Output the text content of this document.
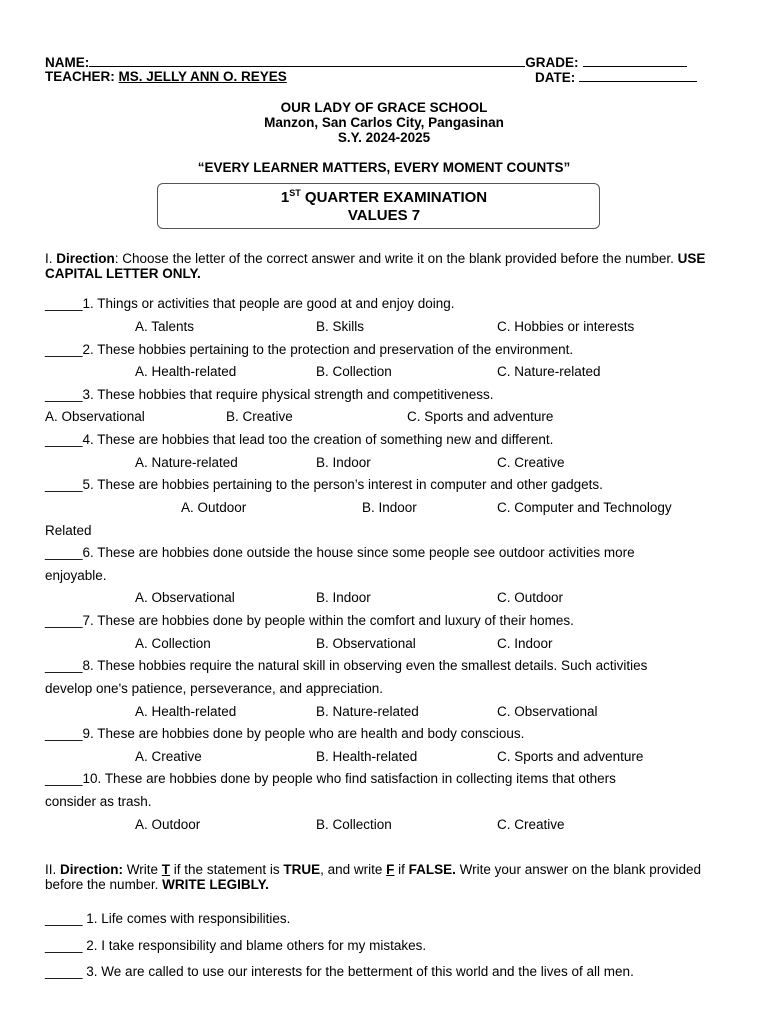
NAME:	GRADE:
TEACHER: MS. JELLY ANN O. REYES	DATE:
OUR LADY OF GRACE SCHOOL
Manzon, San Carlos City, Pangasinan
S.Y. 2024-2025
“EVERY LEARNER MATTERS, EVERY MOMENT COUNTS”
1ST QUARTER EXAMINATION
VALUES 7
I. Direction: Choose the letter of the correct answer and write it on the blank provided before the number. USE CAPITAL LETTER ONLY.
_____1. Things or activities that people are good at and enjoy doing.
A. Talents	B. Skills	C. Hobbies or interests
_____2. These hobbies pertaining to the protection and preservation of the environment.
A. Health-related	B. Collection	C. Nature-related
_____3. These hobbies that require physical strength and competitiveness.
A. Observational	B. Creative	C. Sports and adventure
_____4. These are hobbies that lead too the creation of something new and different.
A. Nature-related	B. Indoor	C. Creative
_____5. These are hobbies pertaining to the person’s interest in computer and other gadgets.
A. Outdoor	B. Indoor	C. Computer and Technology
Related
_____6. These are hobbies done outside the house since some people see outdoor activities more
enjoyable.
A. Observational	B. Indoor	C. Outdoor
_____7. These are hobbies done by people within the comfort and luxury of their homes.
A. Collection	B. Observational	C. Indoor
_____8. These hobbies require the natural skill in observing even the smallest details. Such activities
develop one's patience, perseverance, and appreciation.
A. Health-related	B. Nature-related	C. Observational
_____9. These are hobbies done by people who are health and body conscious.
A. Creative	B. Health-related	C. Sports and adventure
_____10. These are hobbies done by people who find satisfaction in collecting items that others
consider as trash.
A. Outdoor	B. Collection	C. Creative
II. Direction: Write T if the statement is TRUE, and write F if FALSE. Write your answer on the blank provided before the number. WRITE LEGIBLY.
_____ 1. Life comes with responsibilities.
_____ 2. I take responsibility and blame others for my mistakes.
_____ 3. We are called to use our interests for the betterment of this world and the lives of all men.
